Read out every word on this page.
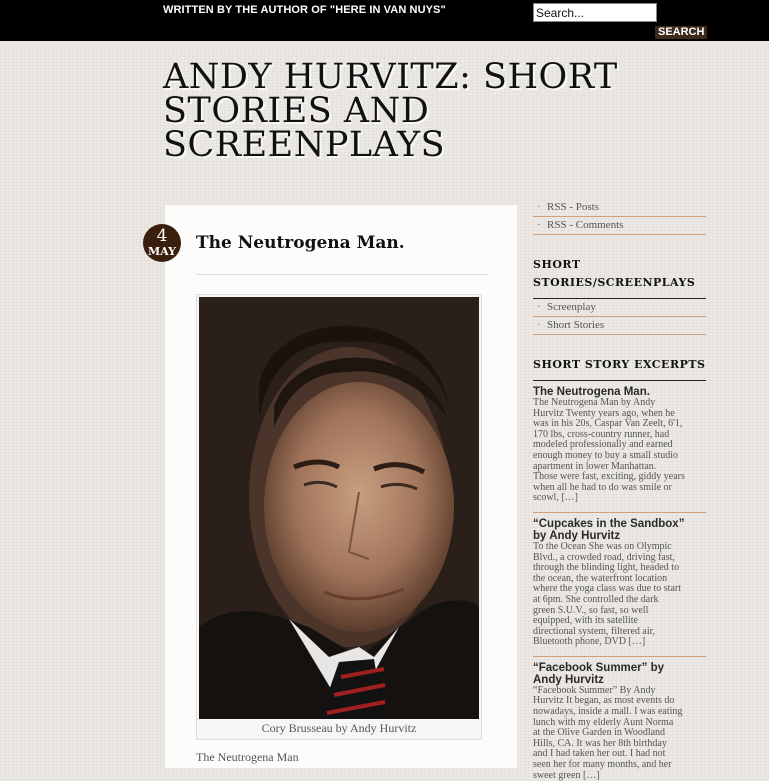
WRITTEN BY THE AUTHOR OF "HERE IN VAN NUYS"
Search...
SEARCH
ANDY HURVITZ: SHORT STORIES AND SCREENPLAYS
4
MAY The Neutrogena Man.
Cory Brusseau by Andy Hurvitz

The Neutrogena Man

· RSS - Posts
· RSS - Comments
SHORT
STORIES/SCREENPLAYS
· Screenplay
· Short Stories
SHORT STORY EXCERPTS

The Neutrogena Man.

The Neutrogena Man by Andy
Hurvitz Twenty years ago, when he
was in his 20s, Caspar Van Zeelt, 6'1,
170 lbs, cross-country runner, had
modeled professionally and earned
enough money to buy a small studio
apartment in lower Manhattan.
Those were fast, exciting, giddy years
when all he had to do was smile or
scowl, […]

“Cupcakes in the Sandbox”
by Andy Hurvitz

To the Ocean She was on Olympic
Blvd., a crowded road, driving fast,
through the blinding light, headed to
the ocean, the waterfront location
where the yoga class was due to start
at 6pm. She controlled the dark
green S.U.V., so fast, so well
equipped, with its satellite
directional system, filtered air,
Bluetooth phone, DVD […]

“Facebook Summer” by
Andy Hurvitz

“Facebook Summer” By Andy
Hurvitz It began, as most events do
nowadays, inside a mall. I was eating
lunch with my elderly Aunt Norma
at the Olive Garden in Woodland
Hills, CA. It was her 8th birthday
and I had taken her out. I had not
seen her for many months, and her
sweet green […]
